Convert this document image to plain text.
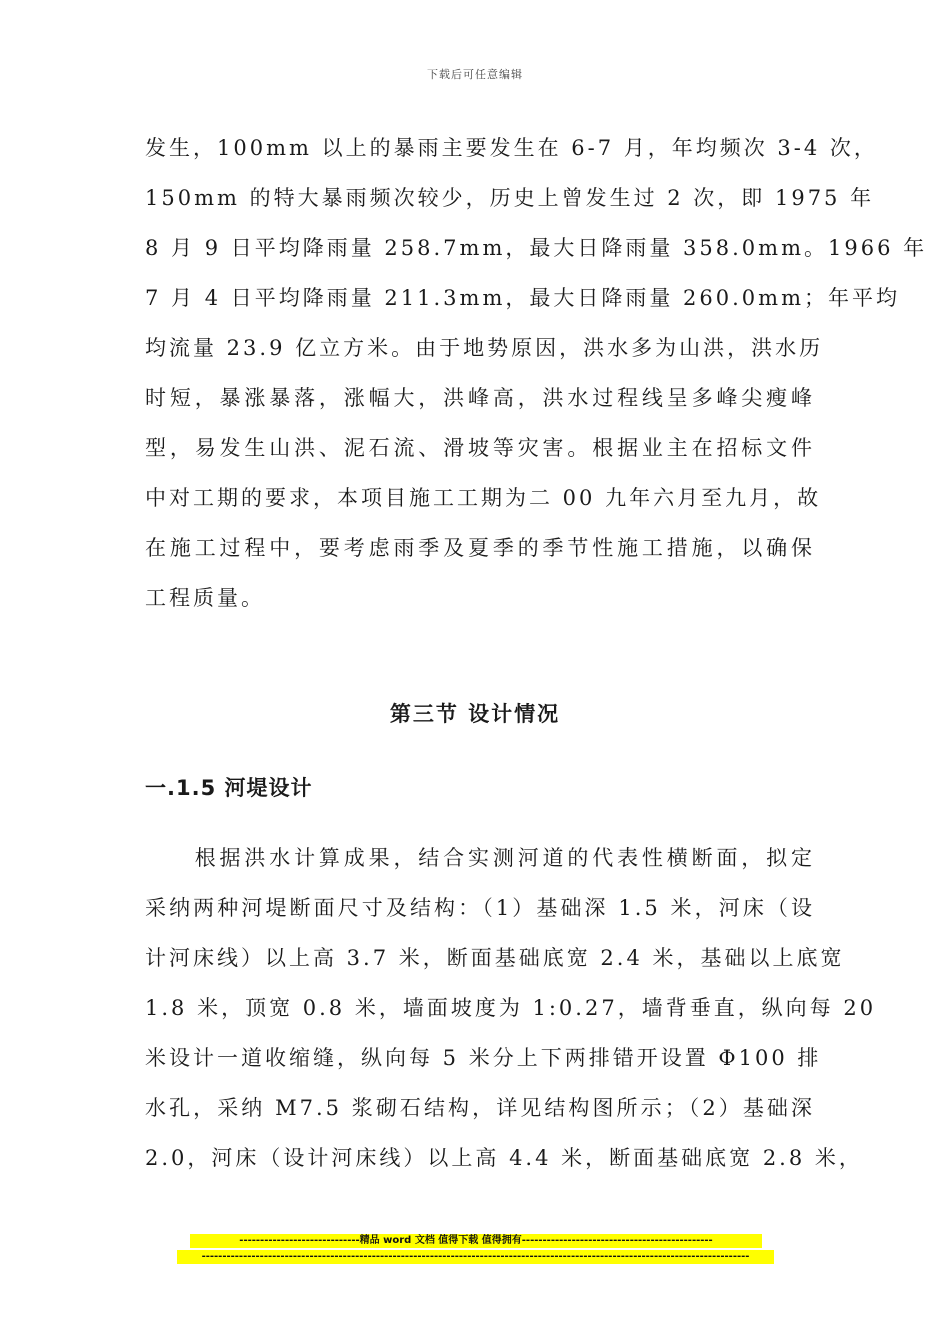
下载后可任意编辑
发生，100mm 以上的暴雨主要发生在 6-7 月，年均频次 3-4 次，
150mm 的特大暴雨频次较少，历史上曾发生过 2 次，即 1975 年
8 月 9 日平均降雨量 258.7mm，最大日降雨量 358.0mm。1966 年
7 月 4 日平均降雨量 211.3mm，最大日降雨量 260.0mm；年平均
均流量 23.9 亿立方米。由于地势原因，洪水多为山洪，洪水历
时短，暴涨暴落，涨幅大，洪峰高，洪水过程线呈多峰尖瘦峰
型，易发生山洪、泥石流、滑坡等灾害。根据业主在招标文件
中对工期的要求，本项目施工工期为二 00 九年六月至九月，故
在施工过程中，要考虑雨季及夏季的季节性施工措施，以确保
工程质量。
第三节 设计情况
一.1.5 河堤设计
　　根据洪水计算成果，结合实测河道的代表性横断面，拟定
采纳两种河堤断面尺寸及结构：（1）基础深 1.5 米，河床（设
计河床线）以上高 3.7 米，断面基础底宽 2.4 米，基础以上底宽
1.8 米，顶宽 0.8 米，墙面坡度为 1:0.27，墙背垂直，纵向每 20
米设计一道收缩缝，纵向每 5 米分上下两排错开设置 Φ100 排
水孔，采纳 M7.5 浆砌石结构，详见结构图所示；（2）基础深
2.0，河床（设计河床线）以上高 4.4 米，断面基础底宽 2.8 米，
-----------------------------精品 word 文档 值得下载 值得拥有----------------------------------------------
------------------------------------------------------------------------------------------------------------------------------------
